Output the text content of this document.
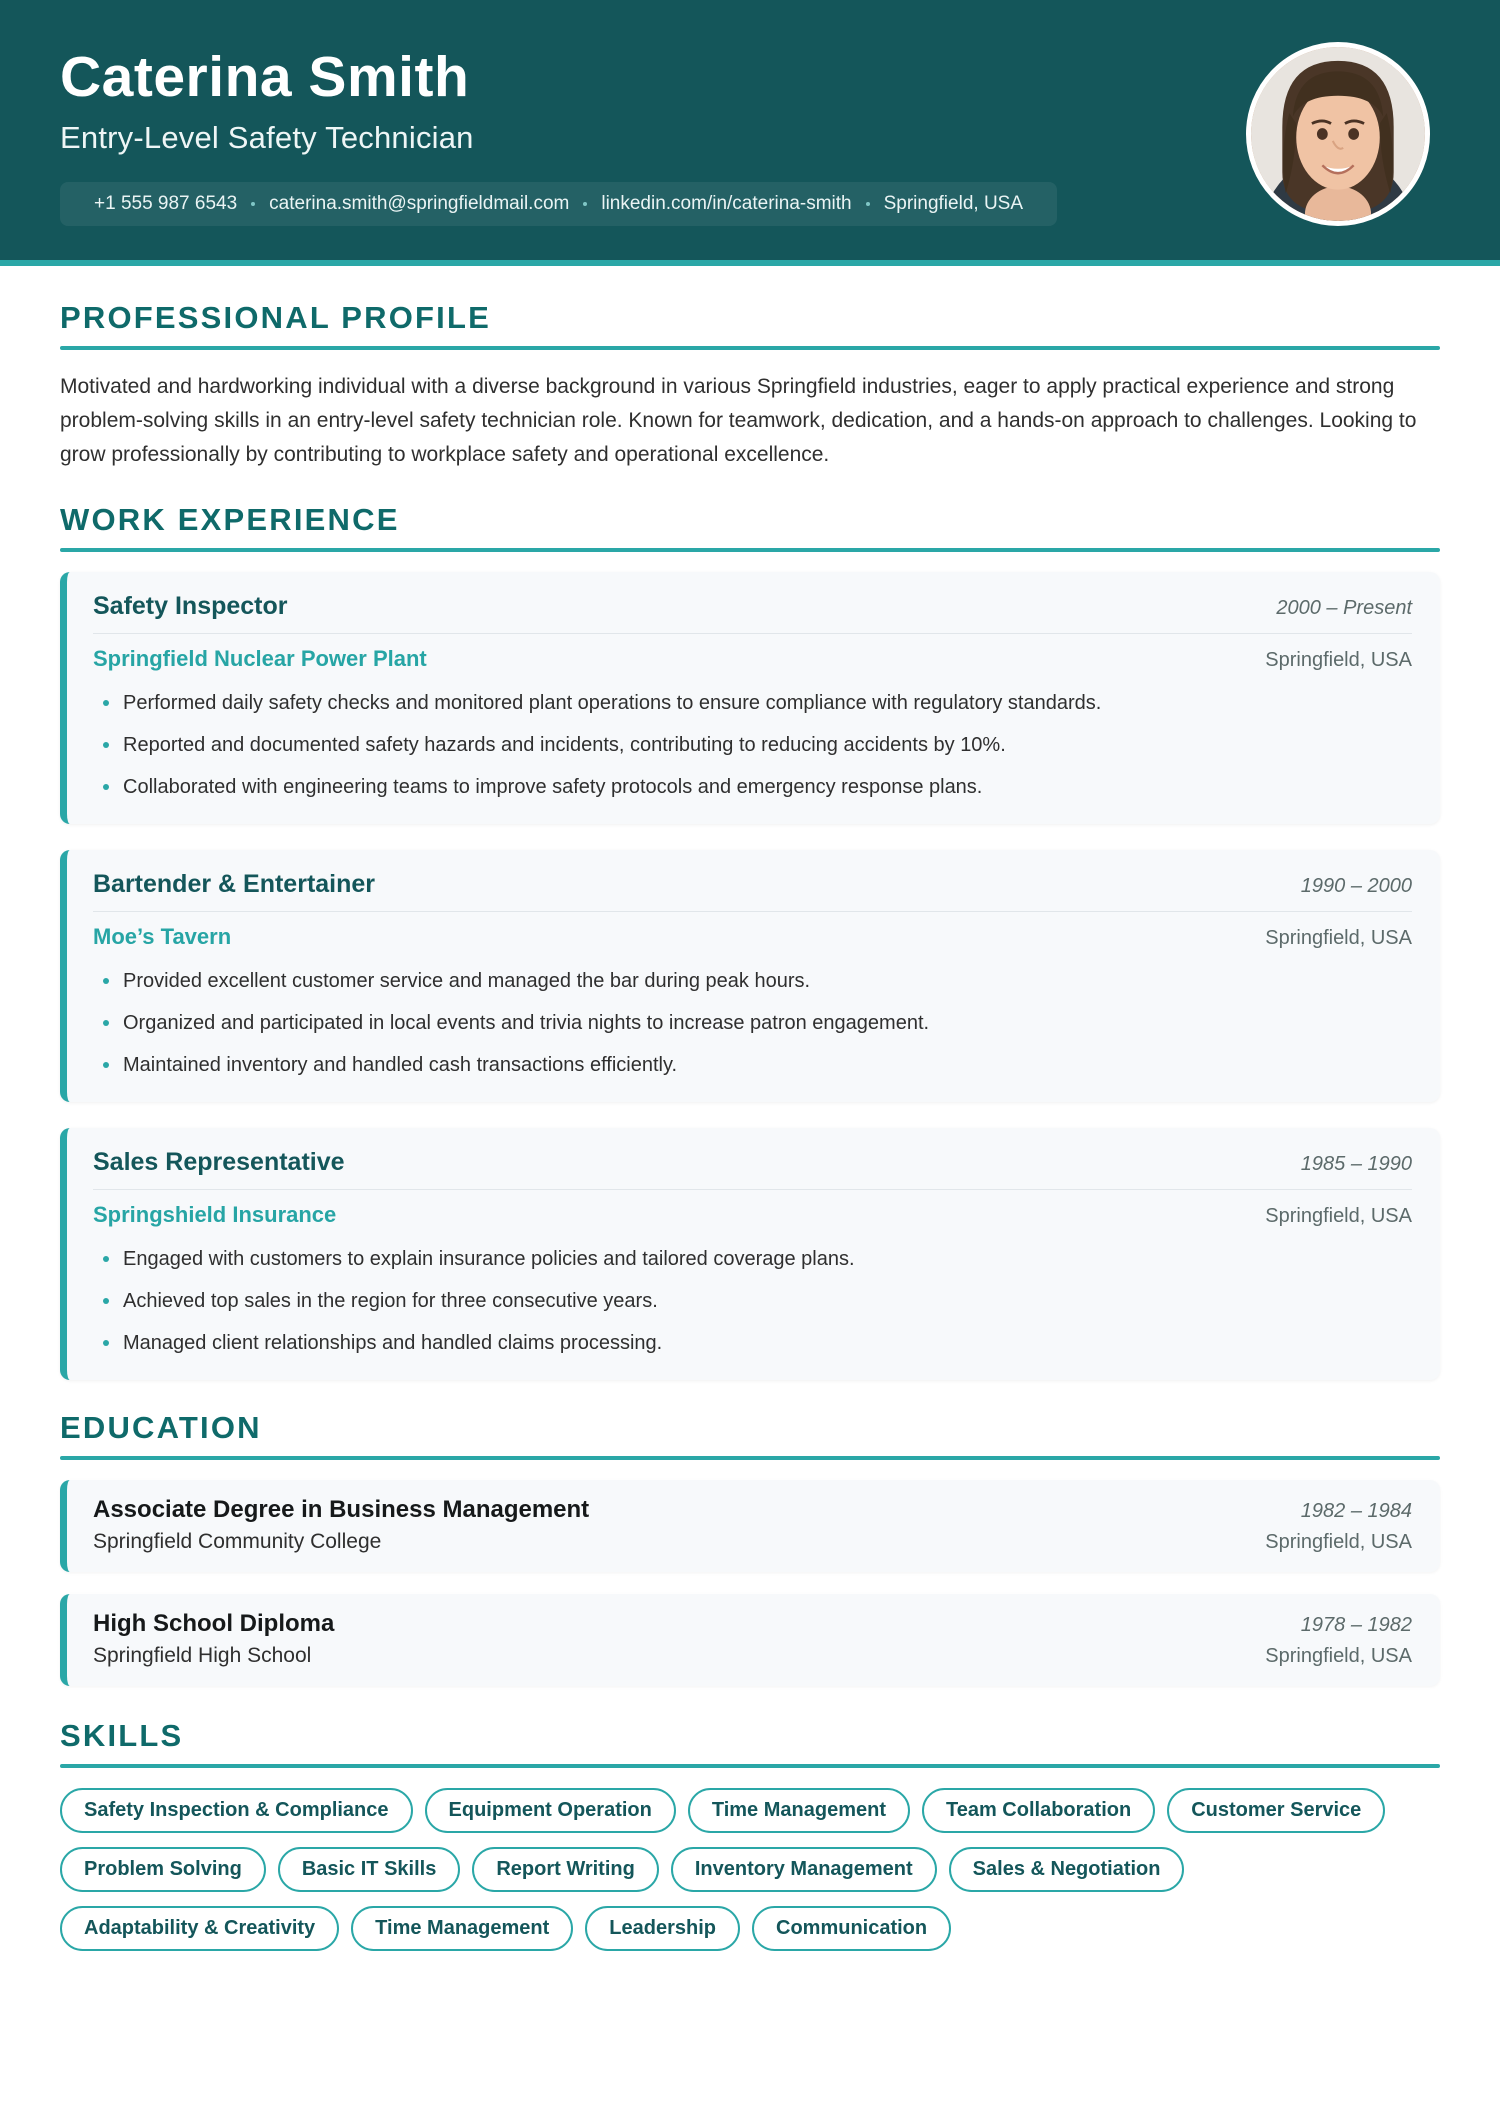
Caterina Smith
Entry-Level Safety Technician
+1 555 987 6543	caterina.smith@springfieldmail.com	linkedin.com/in/caterina-smith	Springfield, USA
PROFESSIONAL PROFILE

Motivated and hardworking individual with a diverse background in various Springfield industries, eager to apply practical experience and strong problem-solving skills in an entry-level safety technician role. Known for teamwork, dedication, and a hands-on approach to challenges. Looking to grow professionally by contributing to workplace safety and operational excellence.

WORK EXPERIENCE
Safety Inspector	2000 – Present
Springfield Nuclear Power Plant	Springfield, USA
Performed daily safety checks and monitored plant operations to ensure compliance with regulatory standards.
Reported and documented safety hazards and incidents, contributing to reducing accidents by 10%.
Collaborated with engineering teams to improve safety protocols and emergency response plans.
Bartender & Entertainer	1990 – 2000
Moe’s Tavern	Springfield, USA
Provided excellent customer service and managed the bar during peak hours.
Organized and participated in local events and trivia nights to increase patron engagement.
Maintained inventory and handled cash transactions efficiently.
Sales Representative	1985 – 1990
Springshield Insurance	Springfield, USA
Engaged with customers to explain insurance policies and tailored coverage plans.
Achieved top sales in the region for three consecutive years.
Managed client relationships and handled claims processing.
EDUCATION
Associate Degree in Business Management	1982 – 1984
Springfield Community College	Springfield, USA
High School Diploma	1978 – 1982
Springfield High School	Springfield, USA
SKILLS
Safety Inspection & Compliance	Equipment Operation	Time Management	Team Collaboration	Customer Service
Problem Solving	Basic IT Skills	Report Writing	Inventory Management	Sales & Negotiation
Adaptability & Creativity	Time Management	Leadership	Communication
